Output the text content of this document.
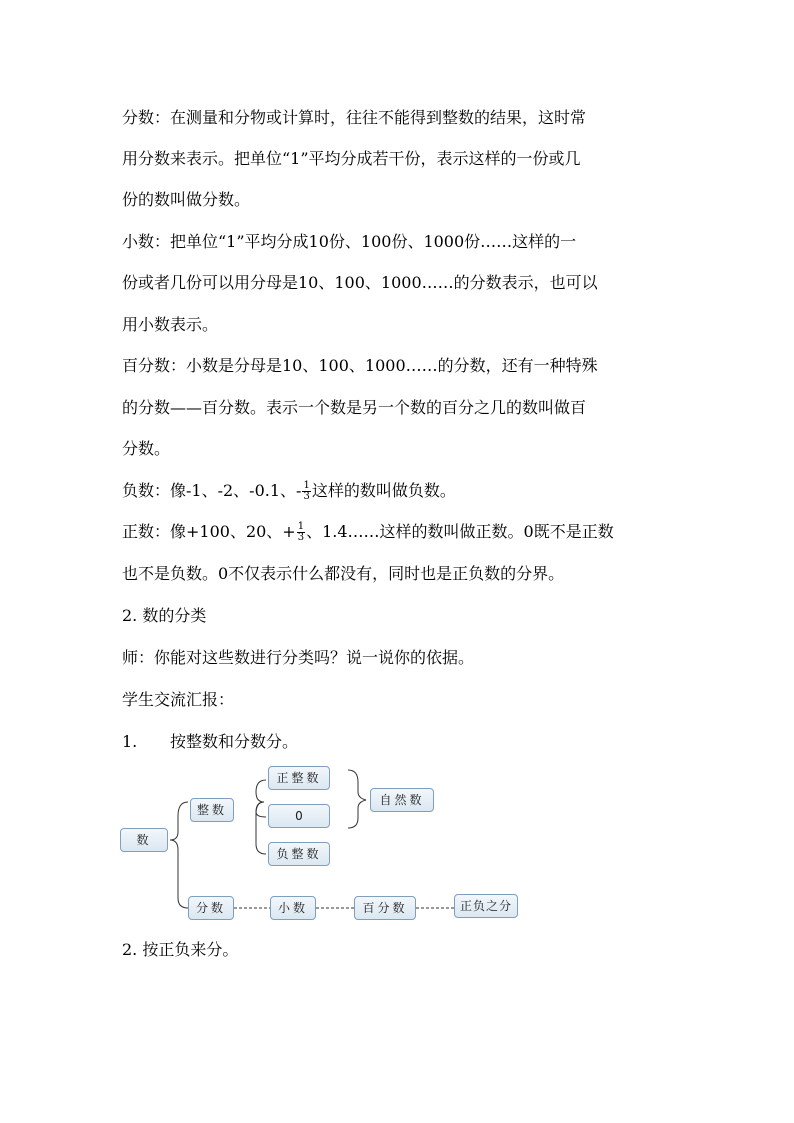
分数：在测量和分物或计算时，往往不能得到整数的结果，这时常
用分数来表示。把单位“1”平均分成若干份，表示这样的一份或几
份的数叫做分数。
小数：把单位“1”平均分成10份、100份、1000份……这样的一
份或者几份可以用分母是10、100、1000……的分数表示，也可以
用小数表示。
百分数：小数是分母是10、100、1000……的分数，还有一种特殊
的分数——百分数。表示一个数是另一个数的百分之几的数叫做百
分数。
负数：像-1、-2、-0.1、- $\frac{1}{3}$ 这样的数叫做负数。
正数：像+100、20、+ $\frac{1}{3}$ 、1.4……这样的数叫做正数。0既不是正数
也不是负数。0不仅表示什么都没有，同时也是正负数的分界。
2. 数的分类
师：你能对这些数进行分类吗？说一说你的依据。
学生交流汇报：
1. 按整数和分数分。
数
整数
正整数
0
负整数
自然数
分数	小数	百分数	正负之分
2. 按正负来分。
